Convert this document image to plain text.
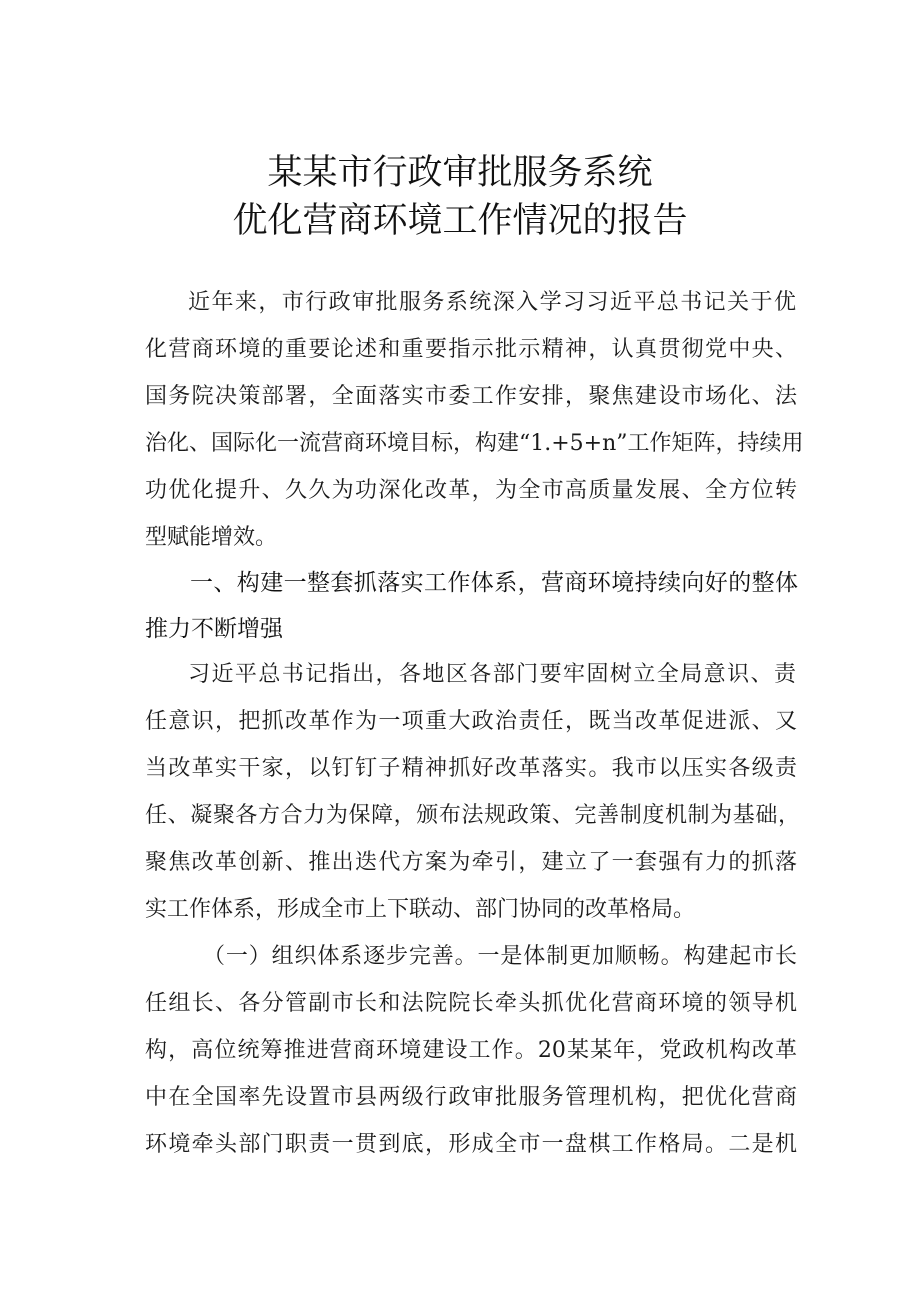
某某市行政审批服务系统
优化营商环境工作情况的报告
近年来，市行政审批服务系统深入学习习近平总书记关于优
化营商环境的重要论述和重要指示批示精神，认真贯彻党中央、
国务院决策部署，全面落实市委工作安排，聚焦建设市场化、法
治化、国际化一流营商环境目标，构建“1.+5+n”工作矩阵，持续用
功优化提升、久久为功深化改革，为全市高质量发展、全方位转
型赋能增效。
一、构建一整套抓落实工作体系，营商环境持续向好的整体
推力不断增强
习近平总书记指出，各地区各部门要牢固树立全局意识、责
任意识，把抓改革作为一项重大政治责任，既当改革促进派、又
当改革实干家，以钉钉子精神抓好改革落实。我市以压实各级责
任、凝聚各方合力为保障，颁布法规政策、完善制度机制为基础，
聚焦改革创新、推出迭代方案为牵引，建立了一套强有力的抓落
实工作体系，形成全市上下联动、部门协同的改革格局。
（一）组织体系逐步完善。一是体制更加顺畅。构建起市长
任组长、各分管副市长和法院院长牵头抓优化营商环境的领导机
构，高位统筹推进营商环境建设工作。20某某年，党政机构改革
中在全国率先设置市县两级行政审批服务管理机构，把优化营商
环境牵头部门职责一贯到底，形成全市一盘棋工作格局。二是机
